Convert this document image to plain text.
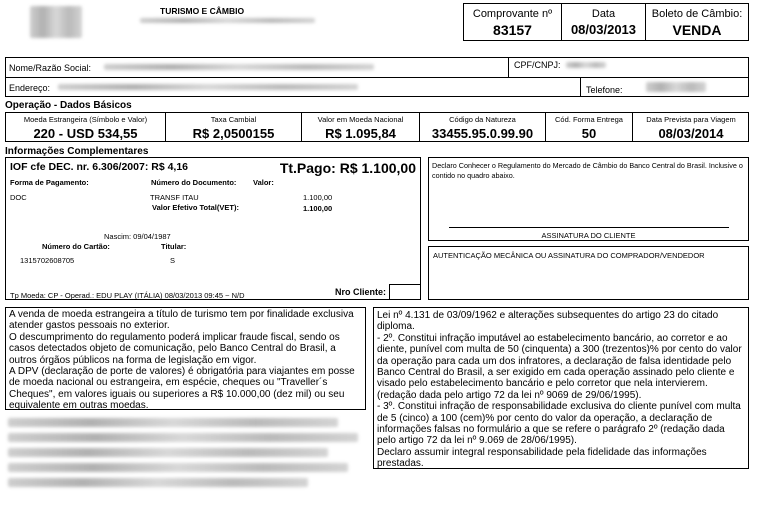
TURISMO E CÂMBIO	Comprovante nº
83157
Data
08/03/2013
Boleto de Câmbio:
VENDA
Nome/Razão Social:	CPF/CNPJ:
Endereço:	Telefone:
Operação - Dados Básicos
Moeda Estrangeira (Símbolo e Valor)
220 - USD 534,55
Taxa Cambial
R$ 2,0500155
Valor em Moeda Nacional
R$ 1.095,84
Código da Natureza
33455.95.0.99.90
Cód. Forma Entrega
50
Data Prevista para Viagem
08/03/2014
Informações Complementares
IOF cfe DEC. nr. 6.306/2007: R$ 4,16	Tt.Pago: R$ 1.100,00
Forma de Pagamento:	Número do Documento: Valor:
DOC	TRANSF ITAU	1.100,00
Valor Efetivo Total(VET):	1.100,00
Nascim: 09/04/1987
Número do Cartão:	Titular:
1315702608705	S
Tp Moeda: CP - Operad.: EDU PLAY (ITÁLIA) 08/03/2013 09:45 ~ N/D	Nro Cliente:
Declaro Conhecer o Regulamento do Mercado de Câmbio do Banco Central do Brasil. Inclusive o contido no quadro abaixo.
ASSINATURA DO CLIENTE
AUTENTICAÇÃO MECÂNICA OU ASSINATURA DO COMPRADOR/VENDEDOR

A venda de moeda estrangeira a título de turismo tem por finalidade exclusiva atender gastos pessoais no exterior.

O descumprimento do regulamento poderá implicar fraude fiscal, sendo os casos detectados objeto de comunicação, pelo Banco Central do Brasil, a outros órgãos públicos na forma de legislação em vigor.

A DPV (declaração de porte de valores) é obrigatória para viajantes em posse de moeda nacional ou estrangeira, em espécie, cheques ou "Traveller´s Cheques", em valores iguais ou superiores a R$ 10.000,00 (dez mil) ou seu equivalente em outras moedas.

Lei nº 4.131 de 03/09/1962 e alterações subsequentes do artigo 23 do citado diploma.

- 2º. Constitui infração imputável ao estabelecimento bancário, ao corretor e ao diente, punível com multa de 50 (cinquenta) a 300 (trezentos)% por cento do valor da operação para cada um dos infratores, a declaração de falsa identidade pelo Banco Central do Brasil, a ser exigido em cada operação assinado pelo cliente e visado pelo estabelecimento bancário e pelo corretor que nela intervierem. (redação dada pelo artigo 72 da lei nº 9069 de 29/06/1995).

- 3º. Constitui infração de responsabilidade exclusiva do cliente punível com multa de 5 (cinco) a 100 (cem)% por cento do valor da operação, a declaração de informações falsas no formulário a que se refere o parágrafo 2º (redação dada pelo artigo 72 da lei nº 9.069 de 28/06/1995).

Declaro assumir integral responsabilidade pela fidelidade das informações prestadas.
